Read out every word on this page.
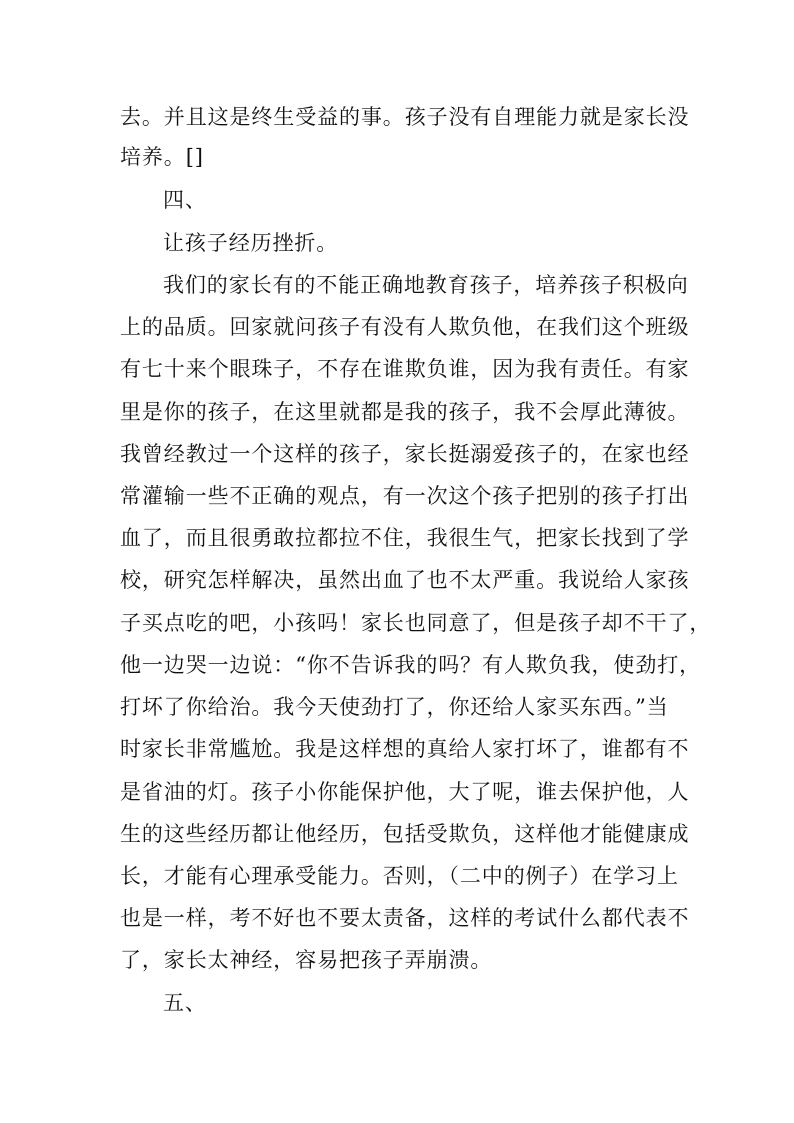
去。并且这是终生受益的事。孩子没有自理能力就是家长没
培养。[]
四、
让孩子经历挫折。
我们的家长有的不能正确地教育孩子，培养孩子积极向
上的品质。回家就问孩子有没有人欺负他，在我们这个班级
有七十来个眼珠子，不存在谁欺负谁，因为我有责任。有家
里是你的孩子，在这里就都是我的孩子，我不会厚此薄彼。
我曾经教过一个这样的孩子，家长挺溺爱孩子的，在家也经
常灌输一些不正确的观点，有一次这个孩子把别的孩子打出
血了，而且很勇敢拉都拉不住，我很生气，把家长找到了学
校，研究怎样解决，虽然出血了也不太严重。我说给人家孩
子买点吃的吧，小孩吗！家长也同意了，但是孩子却不干了，
他一边哭一边说：“你不告诉我的吗？有人欺负我，使劲打，
打坏了你给治。我今天使劲打了，你还给人家买东西。”当
时家长非常尴尬。我是这样想的真给人家打坏了，谁都有不
是省油的灯。孩子小你能保护他，大了呢，谁去保护他，人
生的这些经历都让他经历，包括受欺负，这样他才能健康成
长，才能有心理承受能力。否则，（二中的例子）在学习上
也是一样，考不好也不要太责备，这样的考试什么都代表不
了，家长太神经，容易把孩子弄崩溃。
五、
